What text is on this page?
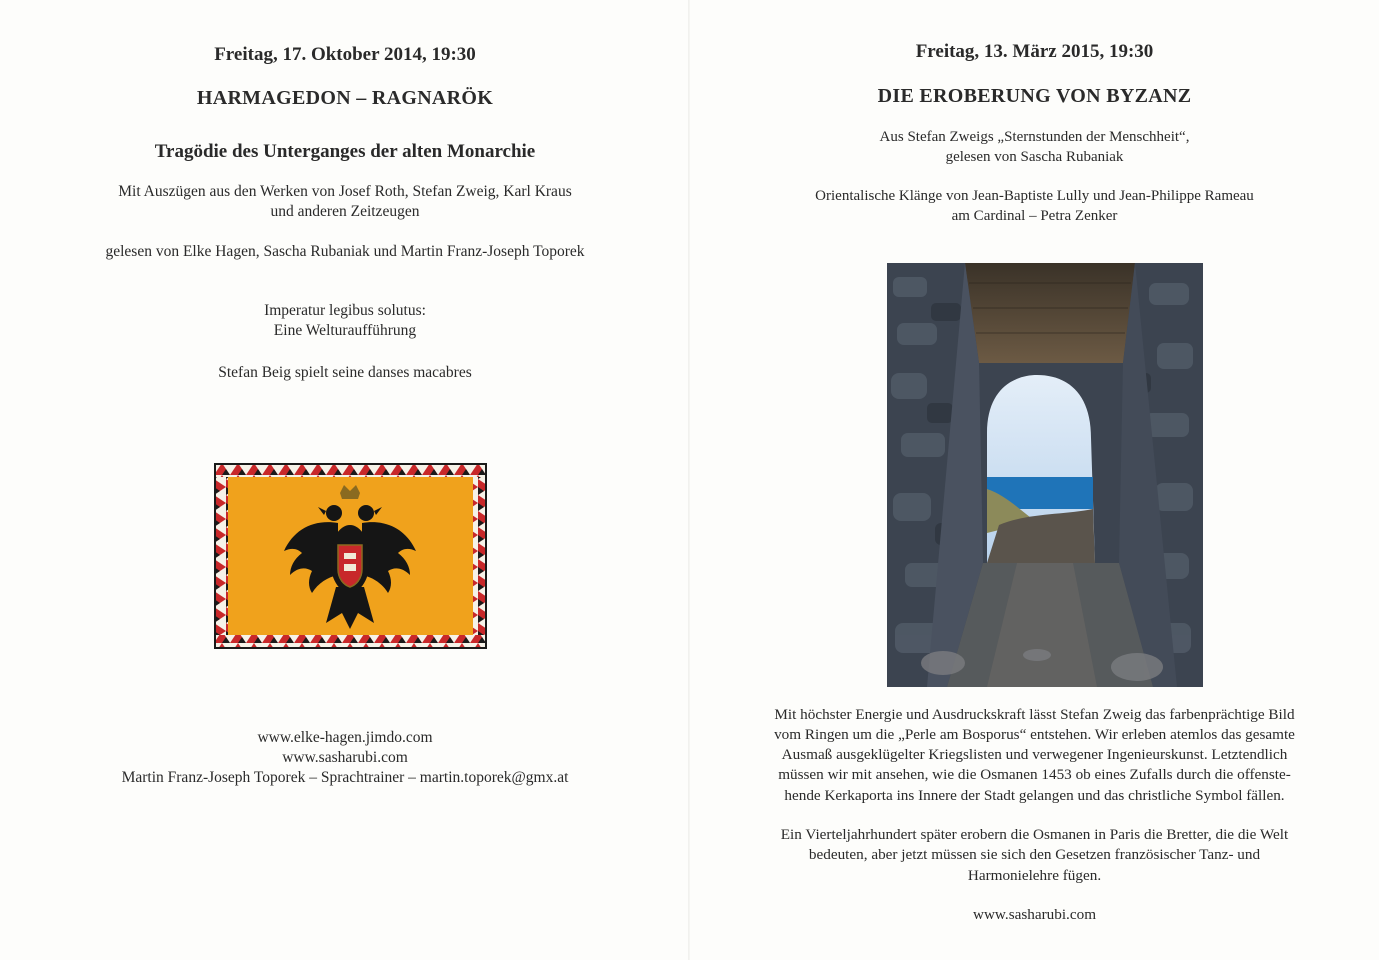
Freitag, 17. Oktober 2014, 19:30
HARMAGEDON – RAGNARÖK
Tragödie des Unterganges der alten Monarchie
Mit Auszügen aus den Werken von Josef Roth, Stefan Zweig, Karl Kraus
und anderen Zeitzeugen
gelesen von Elke Hagen, Sascha Rubaniak und Martin Franz-Joseph Toporek
Imperatur legibus solutus:
Eine Welturaufführung
Stefan Beig spielt seine danses macabres
www.elke-hagen.jimdo.com
www.sasharubi.com
Martin Franz-Joseph Toporek – Sprachtrainer – martin.toporek@gmx.at
Freitag, 13. März 2015, 19:30
DIE EROBERUNG VON BYZANZ
Aus Stefan Zweigs „Sternstunden der Menschheit“,
gelesen von Sascha Rubaniak
Orientalische Klänge von Jean-Baptiste Lully und Jean-Philippe Rameau
am Cardinal – Petra Zenker
Mit höchster Energie und Ausdruckskraft lässt Stefan Zweig das farbenprächtige Bild
vom Ringen um die „Perle am Bosporus“ entstehen. Wir erleben atemlos das gesamte
Ausmaß ausgeklügelter Kriegslisten und verwegener Ingenieurskunst. Letztendlich
müssen wir mit ansehen, wie die Osmanen 1453 ob eines Zufalls durch die offenste-
hende Kerkaporta ins Innere der Stadt gelangen und das christliche Symbol fällen.
Ein Vierteljahrhundert später erobern die Osmanen in Paris die Bretter, die die Welt
bedeuten, aber jetzt müssen sie sich den Gesetzen französischer Tanz- und
Harmonielehre fügen.
www.sasharubi.com
